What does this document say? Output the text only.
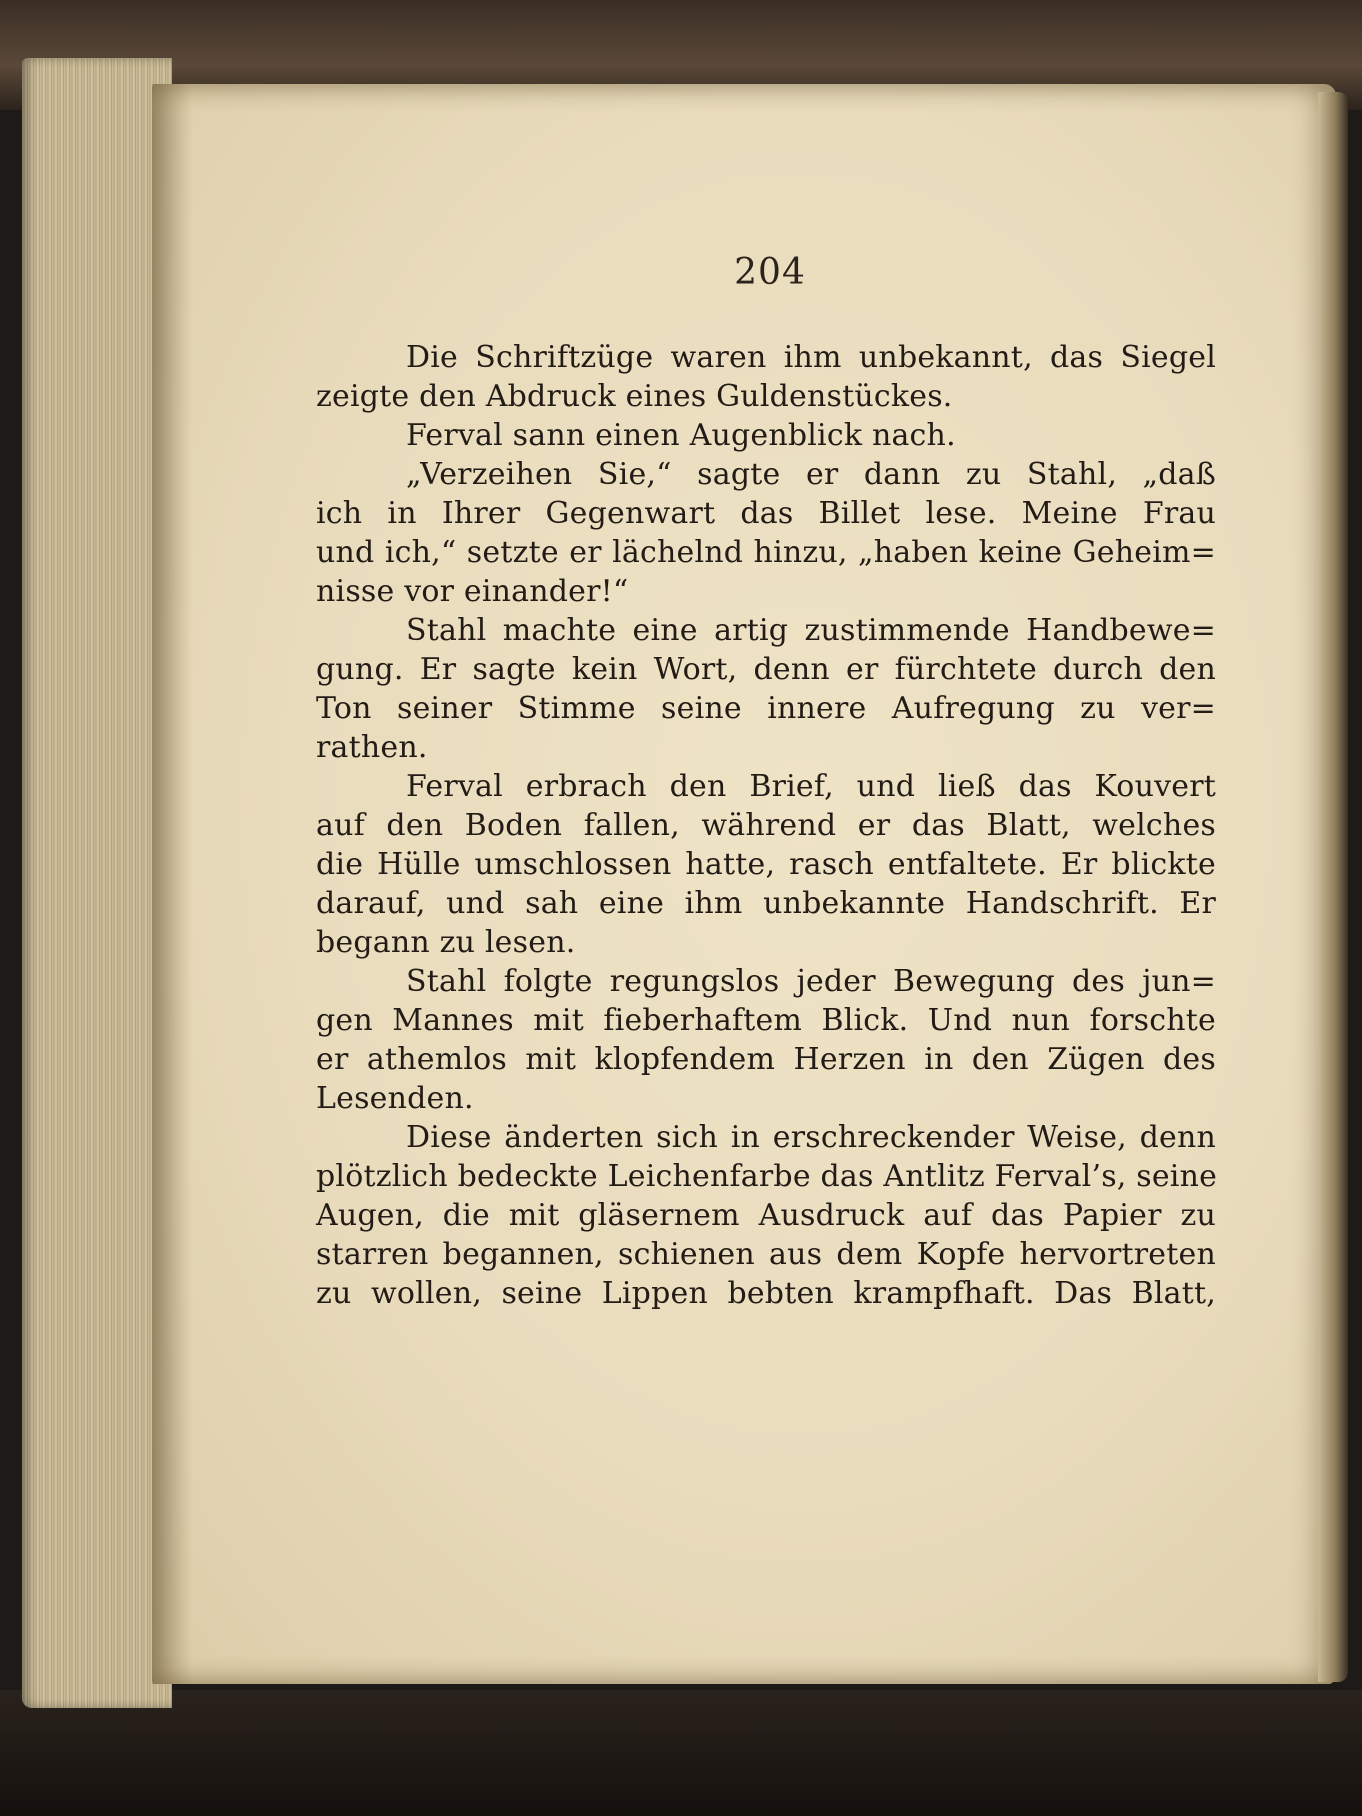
204
Die Schriftzüge waren ihm unbekannt, das Siegel
zeigte den Abdruck eines Guldenstückes.
Ferval sann einen Augenblick nach.
„Verzeihen Sie,“ sagte er dann zu Stahl, „daß
ich in Ihrer Gegenwart das Billet lese. Meine Frau
und ich,“ setzte er lächelnd hinzu, „haben keine Geheim=
nisse vor einander!“
Stahl machte eine artig zustimmende Handbewe=
gung. Er sagte kein Wort, denn er fürchtete durch den
Ton seiner Stimme seine innere Aufregung zu ver=
rathen.
Ferval erbrach den Brief, und ließ das Kouvert
auf den Boden fallen, während er das Blatt, welches
die Hülle umschlossen hatte, rasch entfaltete. Er blickte
darauf, und sah eine ihm unbekannte Handschrift. Er
begann zu lesen.
Stahl folgte regungslos jeder Bewegung des jun=
gen Mannes mit fieberhaftem Blick. Und nun forschte
er athemlos mit klopfendem Herzen in den Zügen des
Lesenden.
Diese änderten sich in erschreckender Weise, denn
plötzlich bedeckte Leichenfarbe das Antlitz Ferval’s, seine
Augen, die mit gläsernem Ausdruck auf das Papier zu
starren begannen, schienen aus dem Kopfe hervortreten
zu wollen, seine Lippen bebten krampfhaft. Das Blatt,
